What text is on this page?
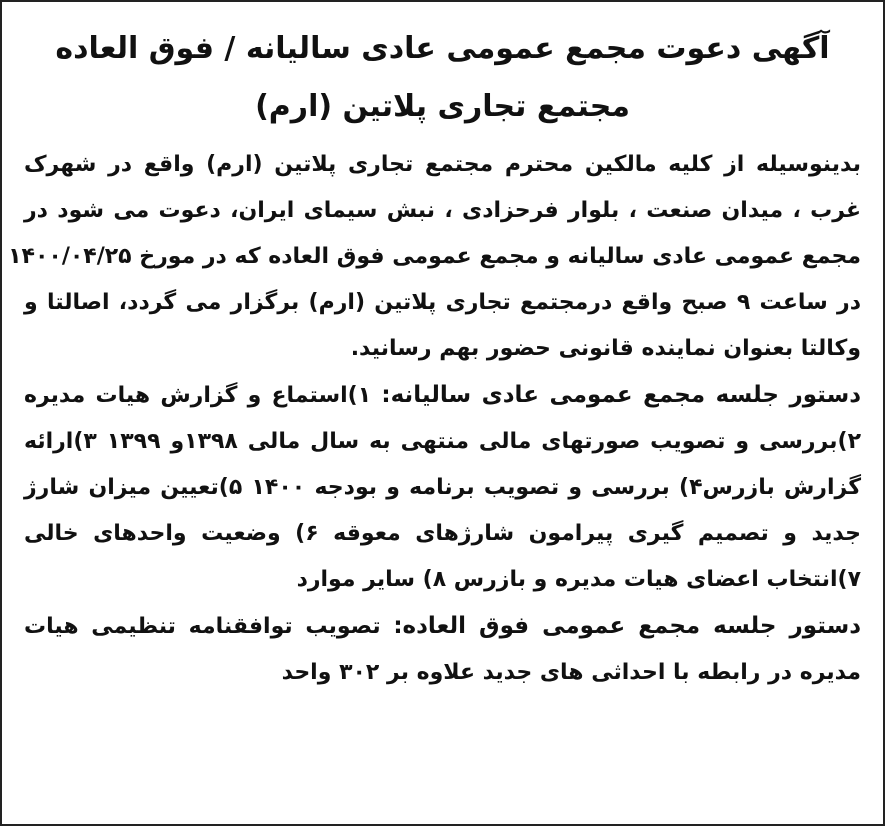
آگهی دعوت مجمع عمومی عادی سالیانه / فوق العاده
مجتمع تجاری پلاتین (ارم)
بدینوسیله از کلیه مالکین محترم مجتمع تجاری پلاتین (ارم) واقع در شهرک
غرب ، میدان صنعت ، بلوار فرحزادی ، نبش سیمای ایران، دعوت می شود در
مجمع عمومی عادی سالیانه و مجمع عمومی فوق العاده که در مورخ ۱۴۰۰/۰۴/۲۵
در ساعت ۹ صبح واقع درمجتمع تجاری پلاتین (ارم) برگزار می گردد، اصالتا و
وکالتا بعنوان نماینده قانونی حضور بهم رسانید.
دستور جلسه مجمع عمومی عادی سالیانه: ۱)استماع و گزارش هیات مدیره
۲)بررسی و تصویب صورتهای مالی منتهی به سال مالی ۱۳۹۸و ۱۳۹۹ ۳)ارائه
گزارش بازرس۴) بررسی و تصویب برنامه و بودجه ۱۴۰۰ ۵)تعیین میزان شارژ
جدید و تصمیم گیری پیرامون شارژهای معوقه ۶) وضعیت واحدهای خالی
۷)انتخاب اعضای هیات مدیره و بازرس ۸) سایر موارد
دستور جلسه مجمع عمومی فوق العاده: تصویب توافقنامه تنظیمی هیات
مدیره در رابطه با احداثی های جدید علاوه بر ۳۰۲ واحد
